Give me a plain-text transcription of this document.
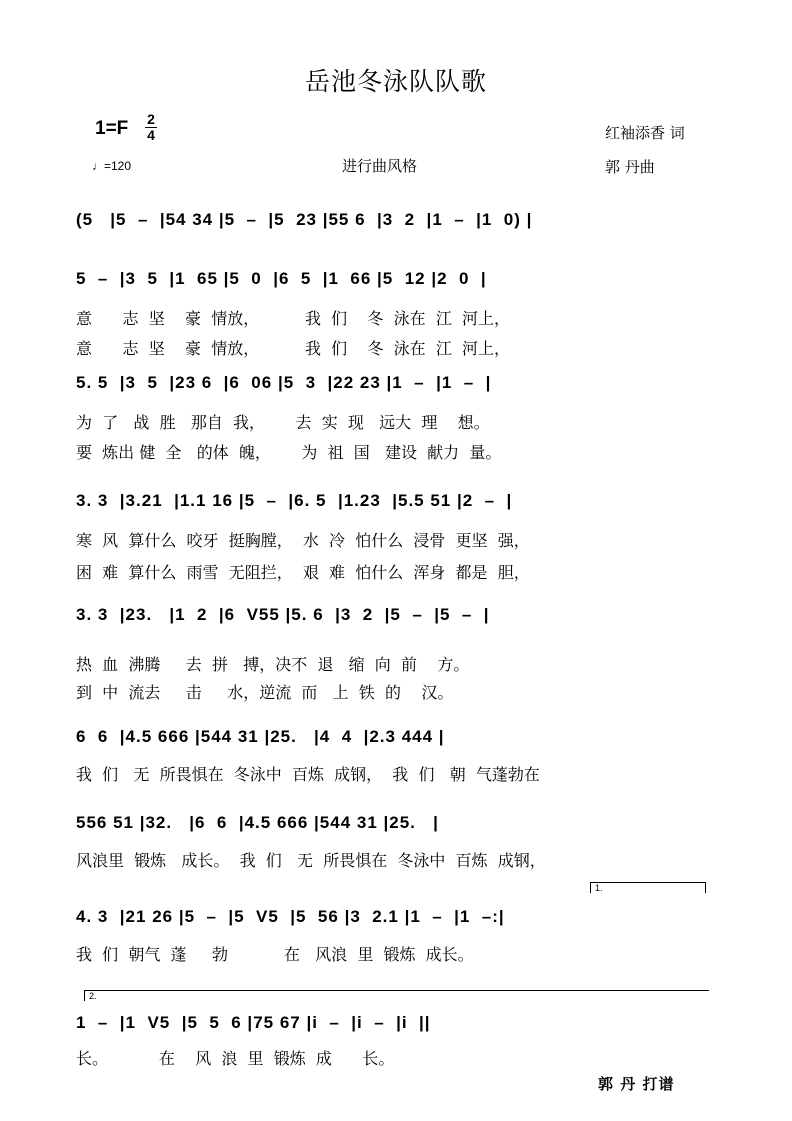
岳池冬泳队队歌
1=F 2
4	红袖添香 词
郭 丹曲
♩=120	进行曲风格
(5   |5  –  |54 34 |5  –  |5  23 |55 6  |3  2  |1  –  |1  0) |
5  –  |3  5  |1  65 |5  0  |6  5  |1  66 |5  12 |2  0  |
意      志  坚    豪  情放，         我  们    冬  泳在  江  河上，
意      志  坚    豪  情放，         我  们    冬  泳在  江  河上，
5. 5  |3  5  |23 6  |6  06 |5  3  |22 23 |1  –  |1  –  |
为  了   战  胜   那自  我，      去  实  现   远大  理    想。
要  炼出 健  全   的体  魄，      为  祖  国   建设  献力  量。
3. 3  |3.21  |1.1 16 |5  –  |6. 5  |1.23  |5.5 51 |2  –  |
寒  风  算什么  咬牙  挺胸膛，  水  冷  怕什么  浸骨  更坚  强，
困  难  算什么  雨雪  无阻拦，  艰  难  怕什么  浑身  都是  胆，
3. 3  |23.   |1  2  |6  V55 |5. 6  |3  2  |5  –  |5  –  |
热  血  沸腾     去  拼   搏，决不  退   缩  向  前    方。
到  中  流去     击     水，逆流  而   上  铁  的    汉。
6  6  |4.5 666 |544 31 |25.   |4  4  |2.3 444 |
我  们   无  所畏惧在  冬泳中  百炼  成钢，  我  们   朝  气蓬勃在
556 51 |32.   |6  6  |4.5 666 |544 31 |25.   |
风浪里  锻炼   成长。  我  们   无  所畏惧在  冬泳中  百炼  成钢，
4. 3  |21 26 |5  –  |5  V5  |5  56 |3  2.1 |1  –  |1  –:|
我  们  朝气  蓬     勃           在   风浪  里  锻炼  成长。
1.
1  –  |1  V5  |5  5  6 |75 67 |i  –  |i  –  |i  ||
长。          在    风  浪  里  锻炼  成      长。
2.
郭 丹 打谱
